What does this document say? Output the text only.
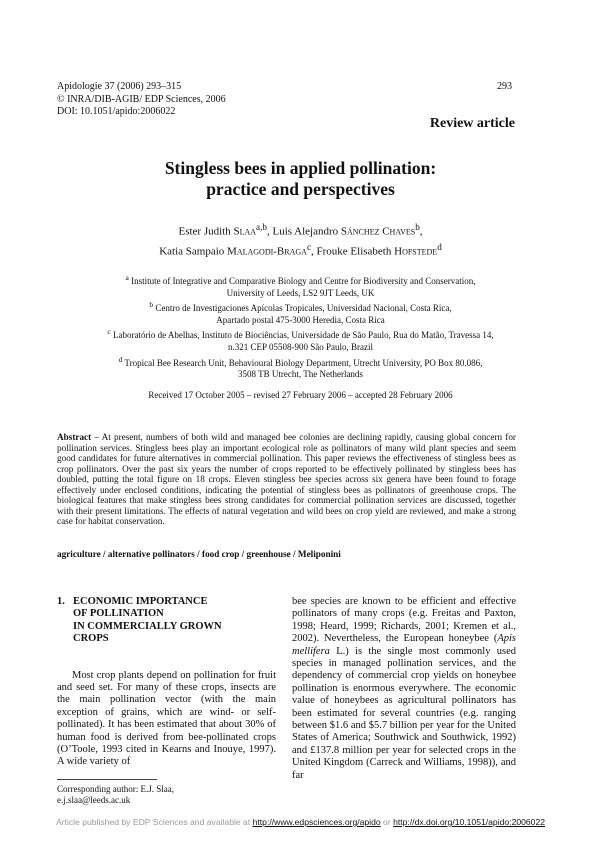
Apidologie 37 (2006) 293–315
© INRA/DIB-AGIB/ EDP Sciences, 2006
DOI: 10.1051/apido:2006022
293
Review article
Stingless bees in applied pollination:
practice and perspectives
Ester Judith Slaa$^{a,b}$, Luis Alejandro Sánchez Chaves$^b$,
Katia Sampaio Malagodi-Braga$^c$, Frouke Elisabeth Hofstede$^d$
$^a$ Institute of Integrative and Comparative Biology and Centre for Biodiversity and Conservation,
University of Leeds, LS2 9JT Leeds, UK
$^b$ Centro de Investigaciones Apícolas Tropicales, Universidad Nacional, Costa Rica,
Apartado postal 475-3000 Heredia, Costa Rica
$^c$ Laboratório de Abelhas, Instituto de Biociências, Universidade de São Paulo, Rua do Matão, Travessa 14,
n.321 CEP 05508-900 São Paulo, Brazil
$^d$ Tropical Bee Research Unit, Behavioural Biology Department, Utrecht University, PO Box 80.086,
3508 TB Utrecht, The Netherlands
Received 17 October 2005 – revised 27 February 2006 – accepted 28 February 2006
Abstract – At present, numbers of both wild and managed bee colonies are declining rapidly, causing global concern for pollination services. Stingless bees play an important ecological role as pollinators of many wild plant species and seem good candidates for future alternatives in commercial pollination. This paper reviews the effectiveness of stingless bees as crop pollinators. Over the past six years the number of crops reported to be effectively pollinated by stingless bees has doubled, putting the total figure on 18 crops. Eleven stingless bee species across six genera have been found to forage effectively under enclosed conditions, indicating the potential of stingless bees as pollinators of greenhouse crops. The biological features that make stingless bees strong candidates for commercial pollination services are discussed, together with their present limitations. The effects of natural vegetation and wild bees on crop yield are reviewed, and make a strong case for habitat conservation.
agriculture / alternative pollinators / food crop / greenhouse / Meliponini
1. ECONOMIC IMPORTANCE
OF POLLINATION
IN COMMERCIALLY GROWN
CROPS
Most crop plants depend on pollination for fruit and seed set. For many of these crops, insects are the main pollination vector (with the main exception of grains, which are wind- or self-pollinated). It has been estimated that about 30% of human food is derived from bee-pollinated crops (O’Toole, 1993 cited in Kearns and Inouye, 1997). A wide variety of
bee species are known to be efficient and effective pollinators of many crops (e.g. Freitas and Paxton, 1998; Heard, 1999; Richards, 2001; Kremen et al., 2002). Nevertheless, the European honeybee (Apis mellifera L.) is the single most commonly used species in managed pollination services, and the dependency of commercial crop yields on honeybee pollination is enormous everywhere. The economic value of honeybees as agricultural pollinators has been estimated for several countries (e.g. ranging between $1.6 and $5.7 billion per year for the United States of America; Southwick and Southwick, 1992) and £137.8 million per year for selected crops in the United Kingdom (Carreck and Williams, 1998)), and far
Corresponding author: E.J. Slaa,
e.j.slaa@leeds.ac.uk
Article published by EDP Sciences and available at http://www.edpsciences.org/apido or http://dx.doi.org/10.1051/apido:2006022
